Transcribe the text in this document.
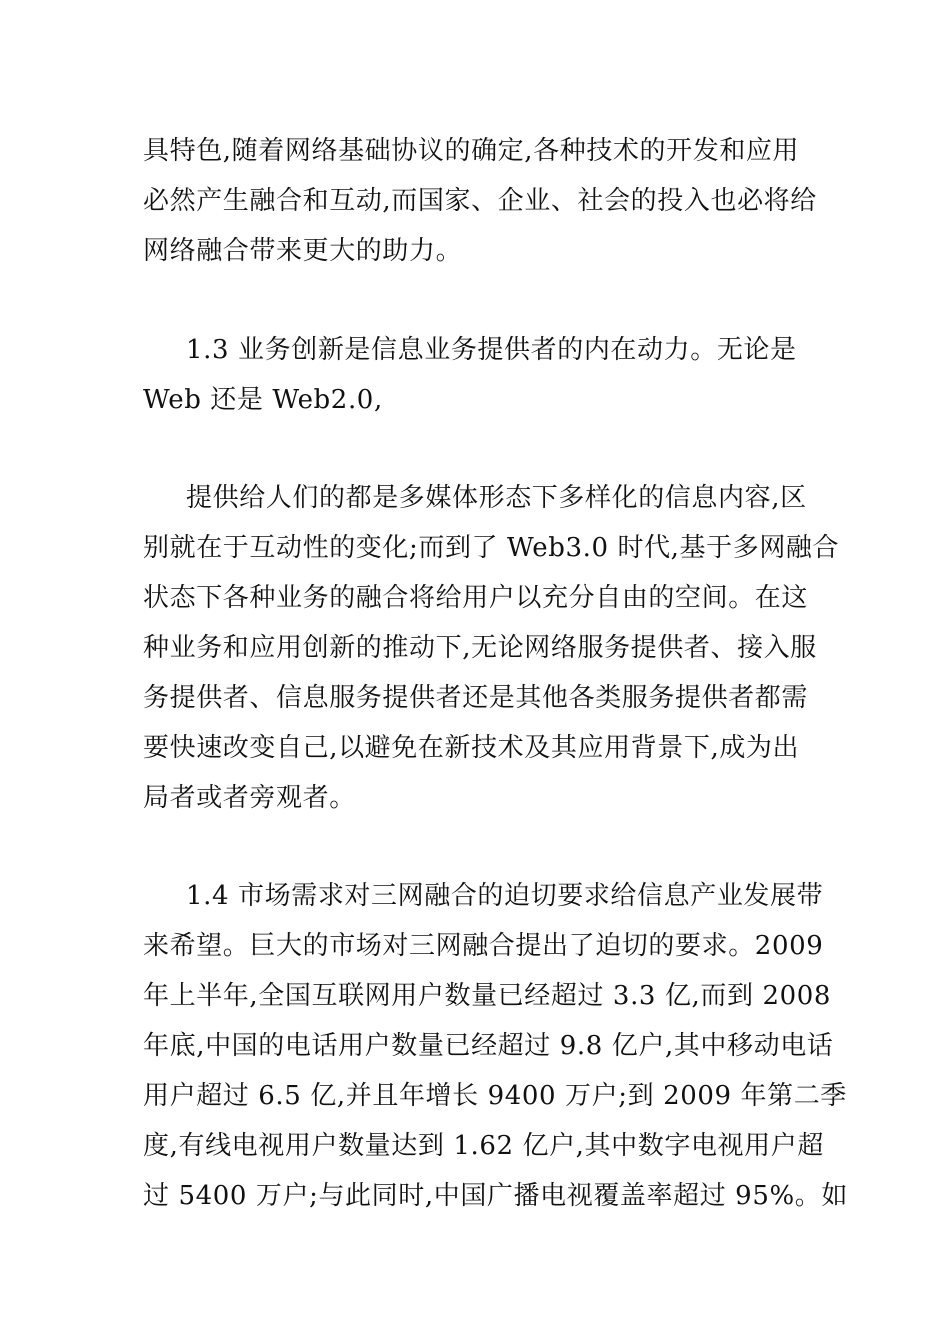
具特色,随着网络基础协议的确定,各种技术的开发和应用
必然产生融合和互动,而国家、企业、社会的投入也必将给
网络融合带来更大的助力。
1.3 业务创新是信息业务提供者的内在动力。无论是
Web 还是 Web2.0,
提供给人们的都是多媒体形态下多样化的信息内容,区
别就在于互动性的变化;而到了 Web3.0 时代,基于多网融合
状态下各种业务的融合将给用户以充分自由的空间。在这
种业务和应用创新的推动下,无论网络服务提供者、接入服
务提供者、信息服务提供者还是其他各类服务提供者都需
要快速改变自己,以避免在新技术及其应用背景下,成为出
局者或者旁观者。
1.4 市场需求对三网融合的迫切要求给信息产业发展带
来希望。巨大的市场对三网融合提出了迫切的要求。2009
年上半年,全国互联网用户数量已经超过 3.3 亿,而到 2008
年底,中国的电话用户数量已经超过 9.8 亿户,其中移动电话
用户超过 6.5 亿,并且年增长 9400 万户;到 2009 年第二季
度,有线电视用户数量达到 1.62 亿户,其中数字电视用户超
过 5400 万户;与此同时,中国广播电视覆盖率超过 95%。如
